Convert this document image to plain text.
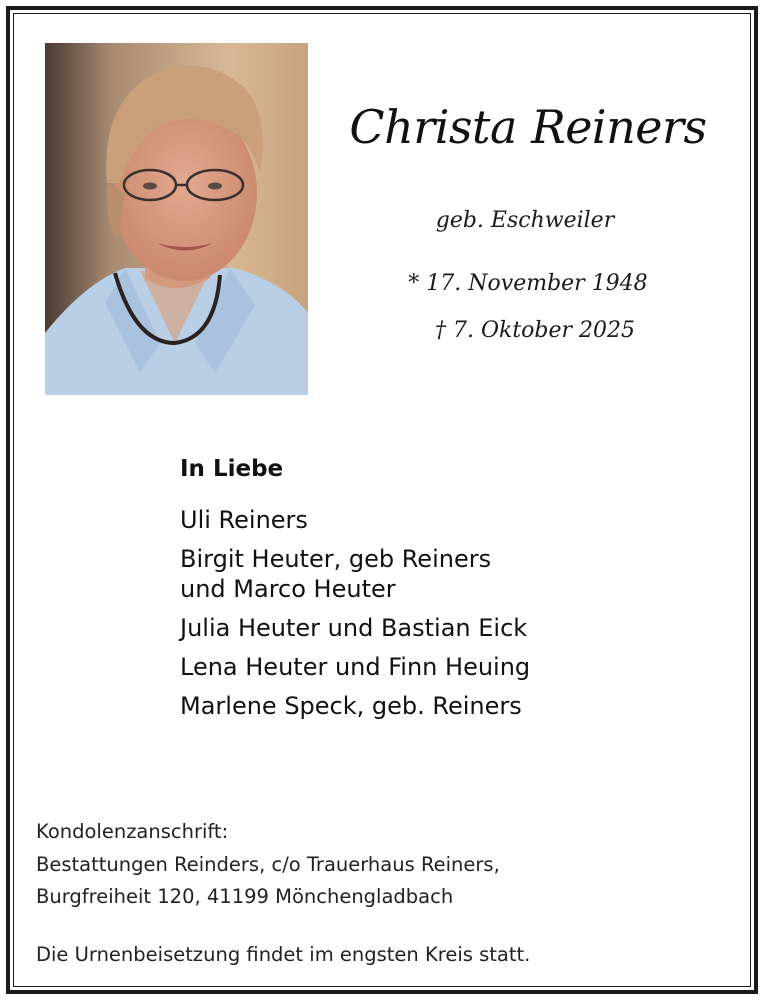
Christa Reiners
geb. Eschweiler
* 17. November 1948
† 7. Oktober 2025
In Liebe
Uli Reiners
Birgit Heuter, geb Reiners
und Marco Heuter
Julia Heuter und Bastian Eick
Lena Heuter und Finn Heuing
Marlene Speck, geb. Reiners
Kondolenzanschrift:
Bestattungen Reinders, c/o Trauerhaus Reiners,
Burgfreiheit 120, 41199 Mönchengladbach
Die Urnenbeisetzung findet im engsten Kreis statt.
